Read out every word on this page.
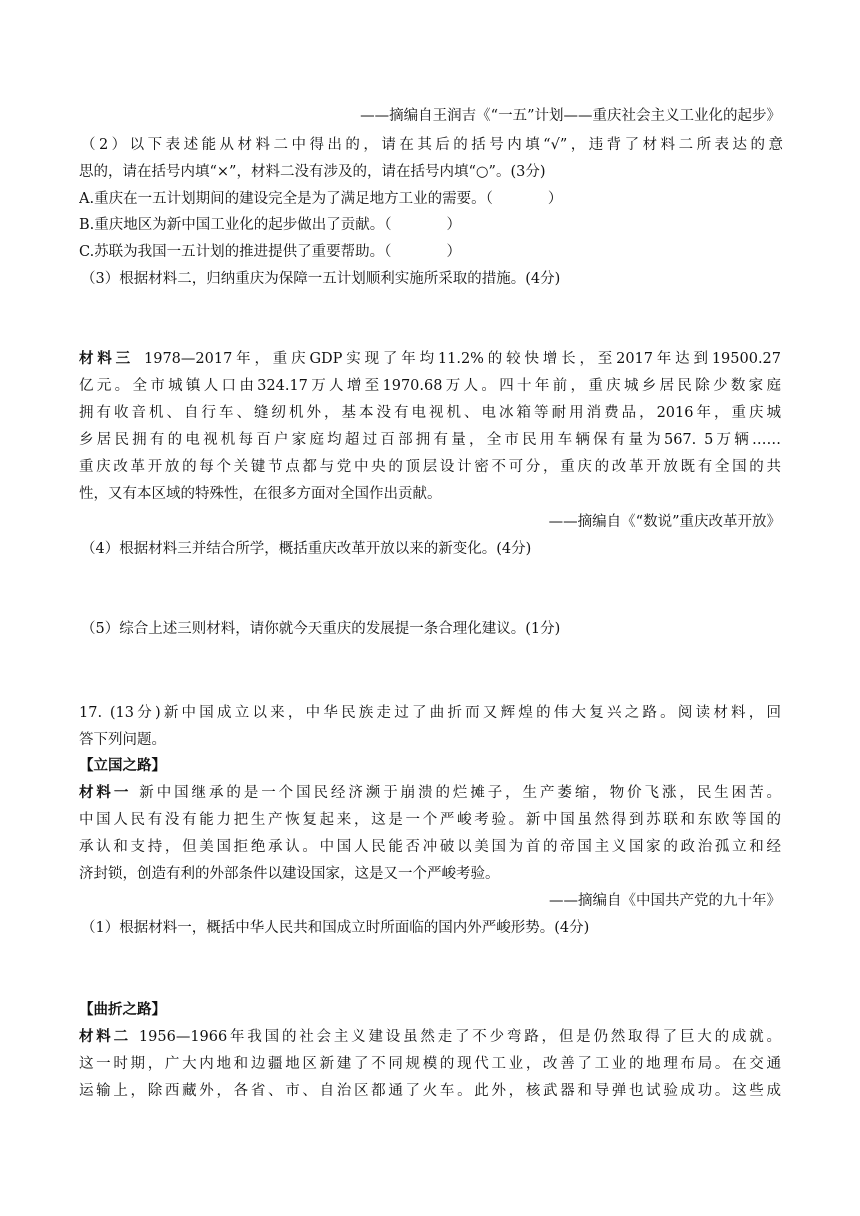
——摘编自王润吉《“一五”计划——重庆社会主义工业化的起步》
（2）以下表述能从材料二中得出的，请在其后的括号内填“√”，违背了材料二所表达的意
思的，请在括号内填“×”，材料二没有涉及的，请在括号内填“○”。(3分)
A.重庆在一五计划期间的建设完全是为了满足地方工业的需要。（	）
B.重庆地区为新中国工业化的起步做出了贡献。（	）
C.苏联为我国一五计划的推进提供了重要帮助。（	）
（3）根据材料二，归纳重庆为保障一五计划顺利实施所采取的措施。(4分)
材料三 1978—2017年，重庆GDP实现了年均11.2%的较快增长，至2017年达到19500.27
亿元。全市城镇人口由324.17万人增至1970.68万人。四十年前，重庆城乡居民除少数家庭
拥有收音机、自行车、缝纫机外，基本没有电视机、电冰箱等耐用消费品，2016年，重庆城
乡居民拥有的电视机每百户家庭均超过百部拥有量，全市民用车辆保有量为567. 5万辆……
重庆改革开放的每个关键节点都与党中央的顶层设计密不可分，重庆的改革开放既有全国的共
性，又有本区域的特殊性，在很多方面对全国作出贡献。
——摘编自《“数说”重庆改革开放》
（4）根据材料三并结合所学，概括重庆改革开放以来的新变化。(4分)
（5）综合上述三则材料，请你就今天重庆的发展提一条合理化建议。(1分)
17. (13分)新中国成立以来，中华民族走过了曲折而又辉煌的伟大复兴之路。阅读材料，回
答下列问题。
【立国之路】
材料一 新中国继承的是一个国民经济濒于崩溃的烂摊子，生产萎缩，物价飞涨，民生困苦。
中国人民有没有能力把生产恢复起来，这是一个严峻考验。新中国虽然得到苏联和东欧等国的
承认和支持，但美国拒绝承认。中国人民能否冲破以美国为首的帝国主义国家的政治孤立和经
济封锁，创造有利的外部条件以建设国家，这是又一个严峻考验。
——摘编自《中国共产党的九十年》
（1）根据材料一，概括中华人民共和国成立时所面临的国内外严峻形势。(4分)
【曲折之路】
材料二 1956—1966年我国的社会主义建设虽然走了不少弯路，但是仍然取得了巨大的成就。
这一时期，广大内地和边疆地区新建了不同规模的现代工业，改善了工业的地理布局。在交通
运输上，除西藏外，各省、市、自治区都通了火车。此外，核武器和导弹也试验成功。这些成
